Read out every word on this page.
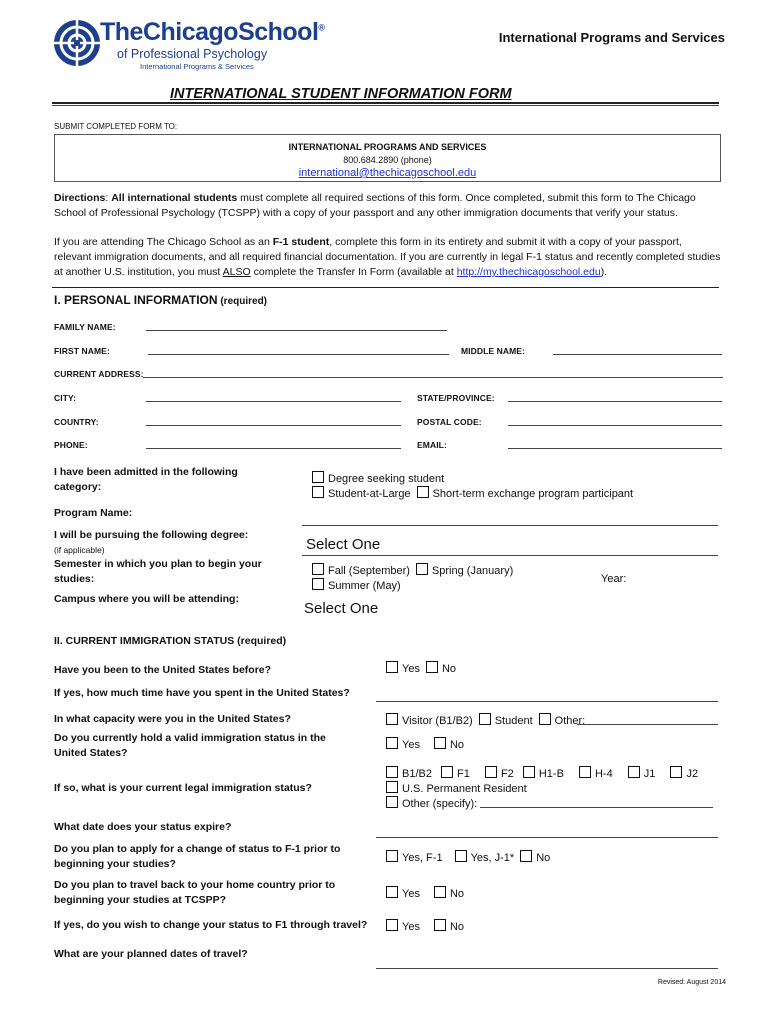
TheChicagoSchool®
of Professional Psychology
International Programs & Services
International Programs and Services
INTERNATIONAL STUDENT INFORMATION FORM
SUBMIT COMPLETED FORM TO:
INTERNATIONAL PROGRAMS AND SERVICES
800.684.2890 (phone)
international@thechicagoschool.edu
Directions: All international students must complete all required sections of this form. Once completed, submit this form to The Chicago School of Professional Psychology (TCSPP) with a copy of your passport and any other immigration documents that verify your status.
If you are attending The Chicago School as an F-1 student, complete this form in its entirety and submit it with a copy of your passport, relevant immigration documents, and all required financial documentation. If you are currently in legal F-1 status and recently completed studies at another U.S. institution, you must ALSO complete the Transfer In Form (available at http://my.thechicagoschool.edu).
I. PERSONAL INFORMATION (required)
FAMILY NAME:
FIRST NAME:	MIDDLE NAME:
CURRENT ADDRESS:
CITY:	STATE/PROVINCE:
COUNTRY:	POSTAL CODE:
PHONE:	EMAIL:
I have been admitted in the following category:
Degree seeking student
Student-at-Large Short-term exchange program participant
Program Name:
I will be pursuing the following degree:
(if applicable)	Select One
Semester in which you plan to begin your studies:
Fall (September) Spring (January)
Summer (May)
Year:
Campus where you will be attending:
Select One
II. CURRENT IMMIGRATION STATUS (required)
Have you been to the United States before?	Yes No
If yes, how much time have you spent in the United States?
In what capacity were you in the United States?	Visitor (B1/B2) Student Other:
Do you currently hold a valid immigration status in the United States?
Yes	No
B1/B2 F1	F2 H1-B	H-4	J1	J2
If so, what is your current legal immigration status?	U.S. Permanent Resident
Other (specify):
What date does your status expire?
Do you plan to apply for a change of status to F-1 prior to beginning your studies?	Yes, F-1	Yes, J-1* No
Do you plan to travel back to your home country prior to beginning your studies at TCSPP?	Yes	No
If yes, do you wish to change your status to F1 through travel?	Yes	No
What are your planned dates of travel?
Revised: August 2014
